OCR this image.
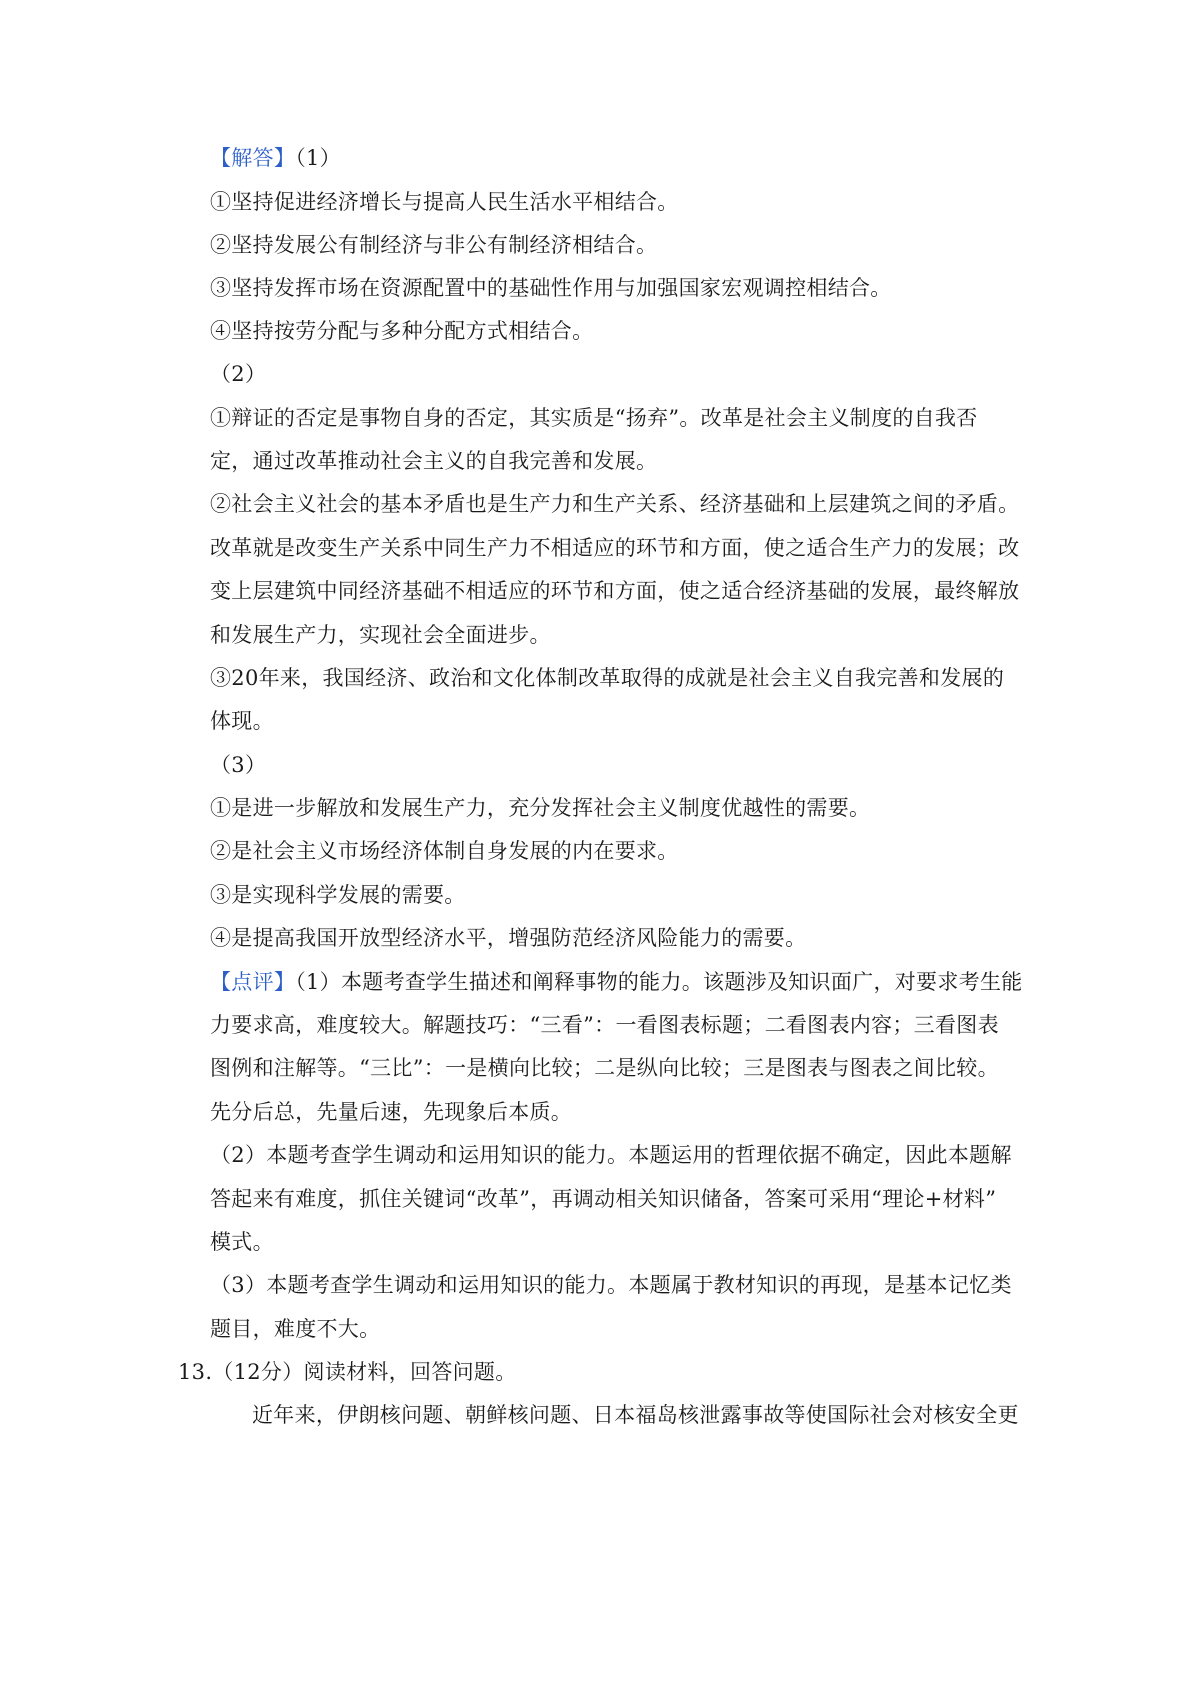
【解答】（1）
①坚持促进经济增长与提高人民生活水平相结合。
②坚持发展公有制经济与非公有制经济相结合。
③坚持发挥市场在资源配置中的基础性作用与加强国家宏观调控相结合。
④坚持按劳分配与多种分配方式相结合。
（2）
①辩证的否定是事物自身的否定，其实质是“扬弃”。改革是社会主义制度的自我否
定，通过改革推动社会主义的自我完善和发展。
②社会主义社会的基本矛盾也是生产力和生产关系、经济基础和上层建筑之间的矛盾。
改革就是改变生产关系中同生产力不相适应的环节和方面，使之适合生产力的发展；改
变上层建筑中同经济基础不相适应的环节和方面，使之适合经济基础的发展，最终解放
和发展生产力，实现社会全面进步。
③20年来，我国经济、政治和文化体制改革取得的成就是社会主义自我完善和发展的
体现。
（3）
①是进一步解放和发展生产力，充分发挥社会主义制度优越性的需要。
②是社会主义市场经济体制自身发展的内在要求。
③是实现科学发展的需要。
④是提高我国开放型经济水平，增强防范经济风险能力的需要。
【点评】（1）本题考查学生描述和阐释事物的能力。该题涉及知识面广，对要求考生能
力要求高，难度较大。解题技巧：“三看”：一看图表标题；二看图表内容；三看图表
图例和注解等。“三比”：一是横向比较；二是纵向比较；三是图表与图表之间比较。
先分后总，先量后速，先现象后本质。
（2）本题考查学生调动和运用知识的能力。本题运用的哲理依据不确定，因此本题解
答起来有难度，抓住关键词“改革”，再调动相关知识储备，答案可采用“理论+材料”
模式。
（3）本题考查学生调动和运用知识的能力。本题属于教材知识的再现，是基本记忆类
题目，难度不大。
13.（12分）阅读材料，回答问题。
近年来，伊朗核问题、朝鲜核问题、日本福岛核泄露事故等使国际社会对核安全更
